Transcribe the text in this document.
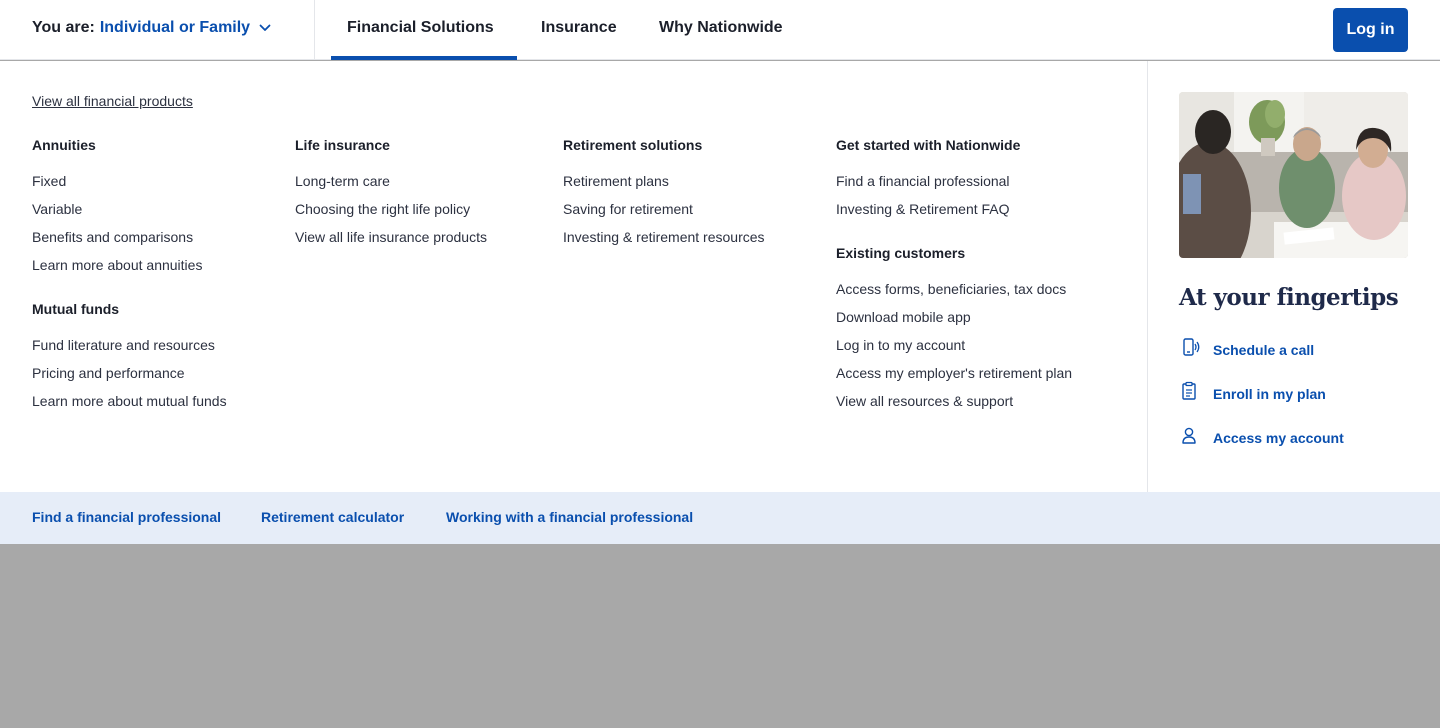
You are: Individual or Family	Financial Solutions	Insurance	Why Nationwide	Log in
View all financial products
Annuities
Fixed
Variable
Benefits and comparisons
Learn more about annuities
Mutual funds
Fund literature and resources
Pricing and performance
Learn more about mutual funds
Life insurance
Long-term care
Choosing the right life policy
View all life insurance products
Retirement solutions
Retirement plans
Saving for retirement
Investing & retirement resources
Get started with Nationwide
Find a financial professional
Investing & Retirement FAQ
Existing customers
Access forms, beneficiaries, tax docs
Download mobile app
Log in to my account
Access my employer's retirement plan
View all resources & support
At your fingertips
Schedule a call
Enroll in my plan
Access my account
Find a financial professional	Retirement calculator	Working with a financial professional
